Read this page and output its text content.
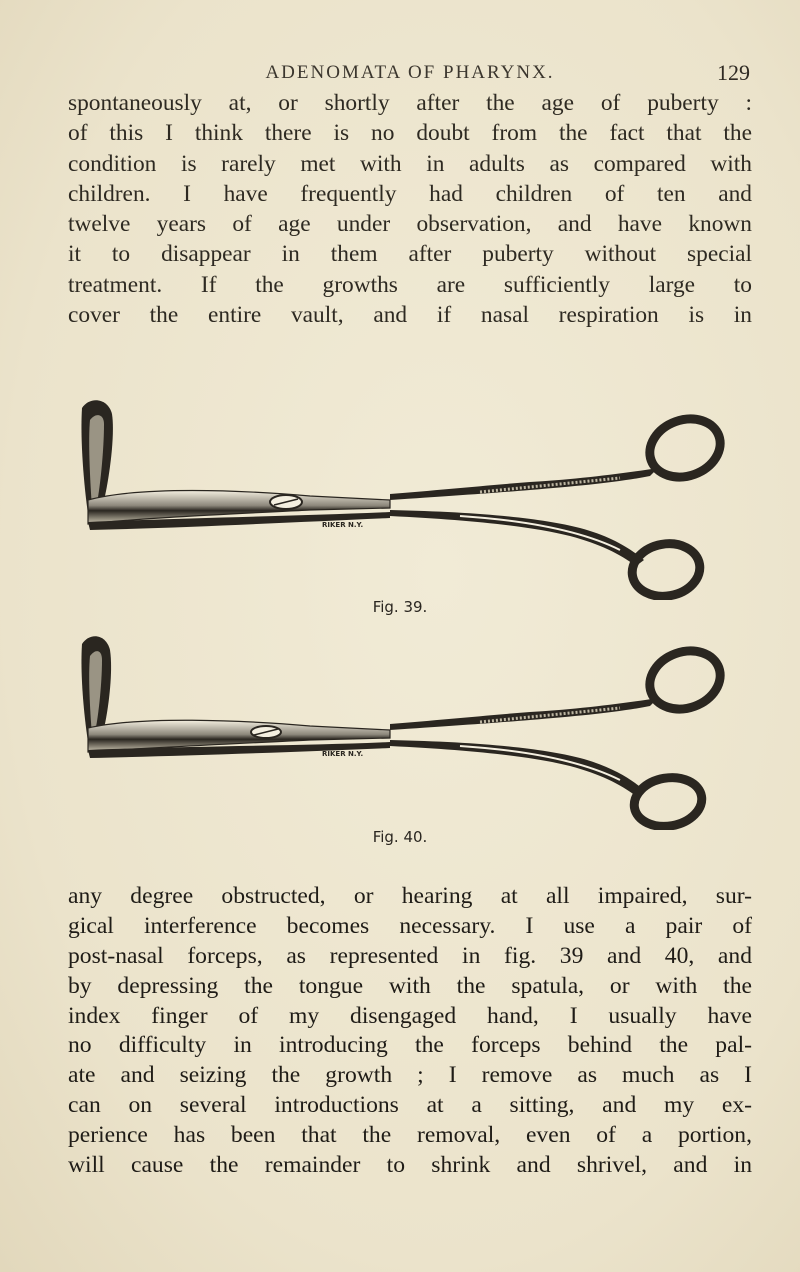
ADENOMATA OF PHARYNX.	129
spontaneously at, or shortly after the age of puberty :
of this I think there is no doubt from the fact that the
condition is rarely met with in adults as compared with
children. I have frequently had children of ten and
twelve years of age under observation, and have known
it to disappear in them after puberty without special
treatment. If the growths are sufficiently large to
cover the entire vault, and if nasal respiration is in
RIKER N.Y.
Fig. 39.
RIKER N.Y.
Fig. 40.
any degree obstructed, or hearing at all impaired, sur-
gical interference becomes necessary. I use a pair of
post-nasal forceps, as represented in fig. 39 and 40, and
by depressing the tongue with the spatula, or with the
index finger of my disengaged hand, I usually have
no difficulty in introducing the forceps behind the pal-
ate and seizing the growth ; I remove as much as I
can on several introductions at a sitting, and my ex-
perience has been that the removal, even of a portion,
will cause the remainder to shrink and shrivel, and in
